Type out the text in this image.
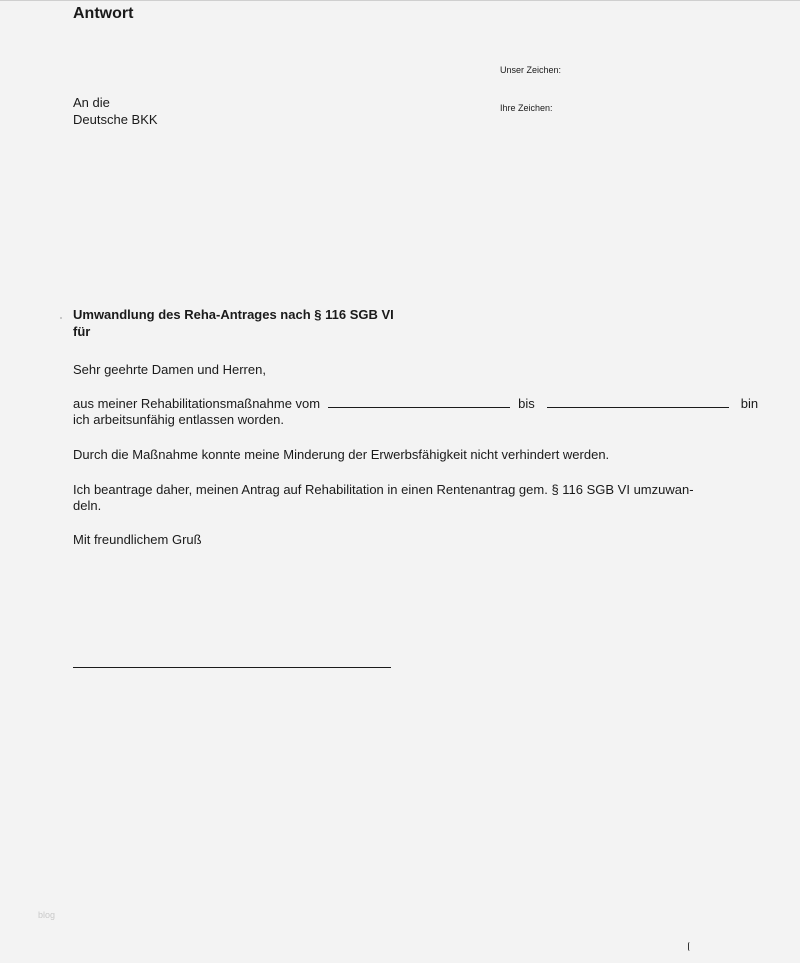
Antwort
An die
Deutsche BKK
Unser Zeichen:
Ihre Zeichen:
Umwandlung des Reha-Antrages nach § 116 SGB VI
für
Sehr geehrte Damen und Herren,
aus meiner Rehabilitationsmaßnahme vom	bis	bin
ich arbeitsunfähig entlassen worden.
Durch die Maßnahme konnte meine Minderung der Erwerbsfähigkeit nicht verhindert werden.
Ich beantrage daher, meinen Antrag auf Rehabilitation in einen Rentenantrag gem. § 116 SGB VI umzuwan-
deln.
Mit freundlichem Gruß
blog
